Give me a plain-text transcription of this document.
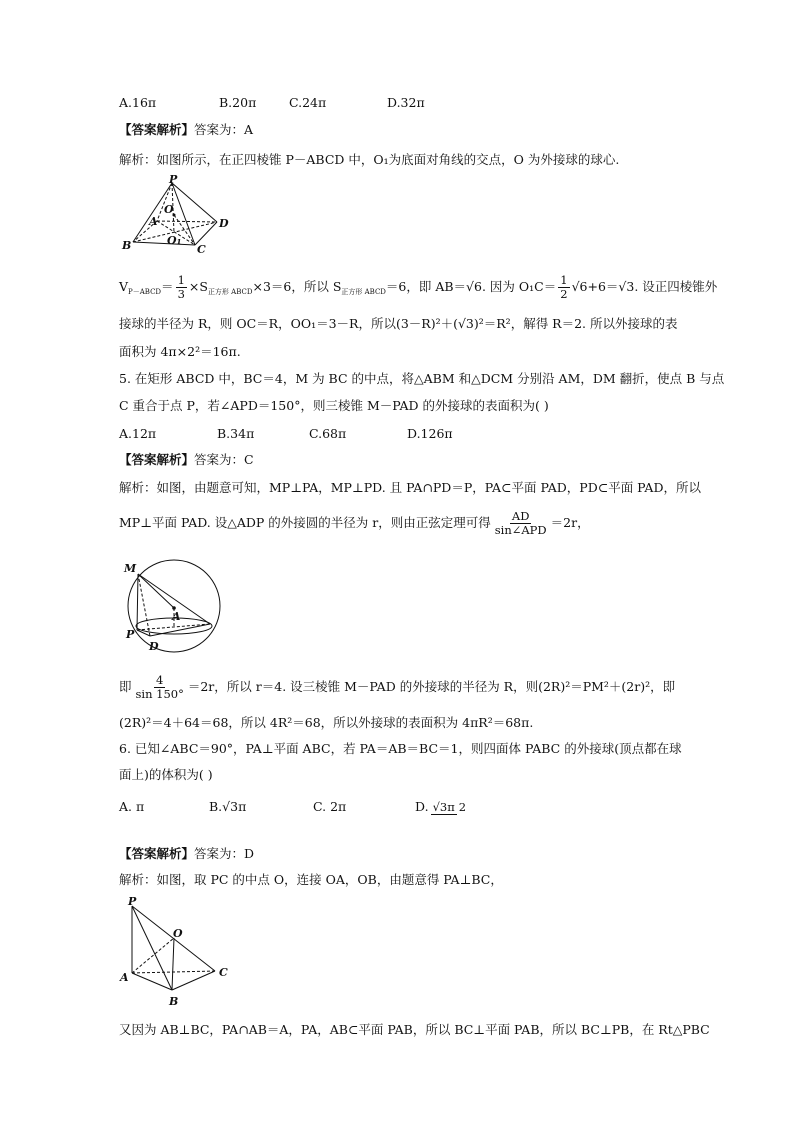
A.16π	B.20π	C.24π	D.32π
【答案解析】答案为：A
解析：如图所示，在正四棱锥 P－ABCD 中，O₁为底面对角线的交点，O 为外接球的球心.
P
O
A	D
B	O₁
C
$V_{P-ABCD}= \frac{1}{3} \times S_{正方形 ABCD}\times 3=6$，所以 $S_{正方形 ABCD}=6$，即 AB＝√6. 因为 $O_1C= \frac{1}{2} √6+6=√3$. 设正四棱锥外
接球的半径为 R，则 OC＝R，OO₁＝3－R，所以(3－R)²＋(√3)²＝R²，解得 R＝2. 所以外接球的表
面积为 4π×2²＝16π.
5. 在矩形 ABCD 中，BC＝4，M 为 BC 的中点，将△ABM 和△DCM 分别沿 AM，DM 翻折，使点 B 与点
C 重合于点 P，若∠APD＝150°，则三棱锥 M－PAD 的外接球的表面积为( )
A.12π	B.34π	C.68π	D.126π
【答案解析】答案为：C
解析：如图，由题意可知，MP⊥PA，MP⊥PD. 且 PA∩PD＝P，PA⊂平面 PAD，PD⊂平面 PAD，所以
MP⊥平面 PAD. 设△ADP 的外接圆的半径为 r，则由正弦定理可得 $\frac{AD}{\text{sin∠APD}} =2r$，
M
A
P
D
即 $\frac{4}{\sin 150^\circ} =2r$，所以 r＝4. 设三棱锥 M－PAD 的外接球的半径为 R，则(2R)²＝PM²＋(2r)²，即
(2R)²＝4＋64＝68，所以 4R²＝68，所以外接球的表面积为 4πR²＝68π.
6. 已知∠ABC＝90°，PA⊥平面 ABC，若 PA＝AB＝BC＝1，则四面体 PABC 的外接球(顶点都在球
面上)的体积为( )
A. π	B.√3π	C. 2π	D. √3π 2
【答案解析】答案为：D
解析：如图，取 PC 的中点 O，连接 OA，OB，由题意得 PA⊥BC，
P
O
A	C
B
又因为 AB⊥BC，PA∩AB＝A，PA，AB⊂平面 PAB，所以 BC⊥平面 PAB，所以 BC⊥PB，在 Rt△PBC
